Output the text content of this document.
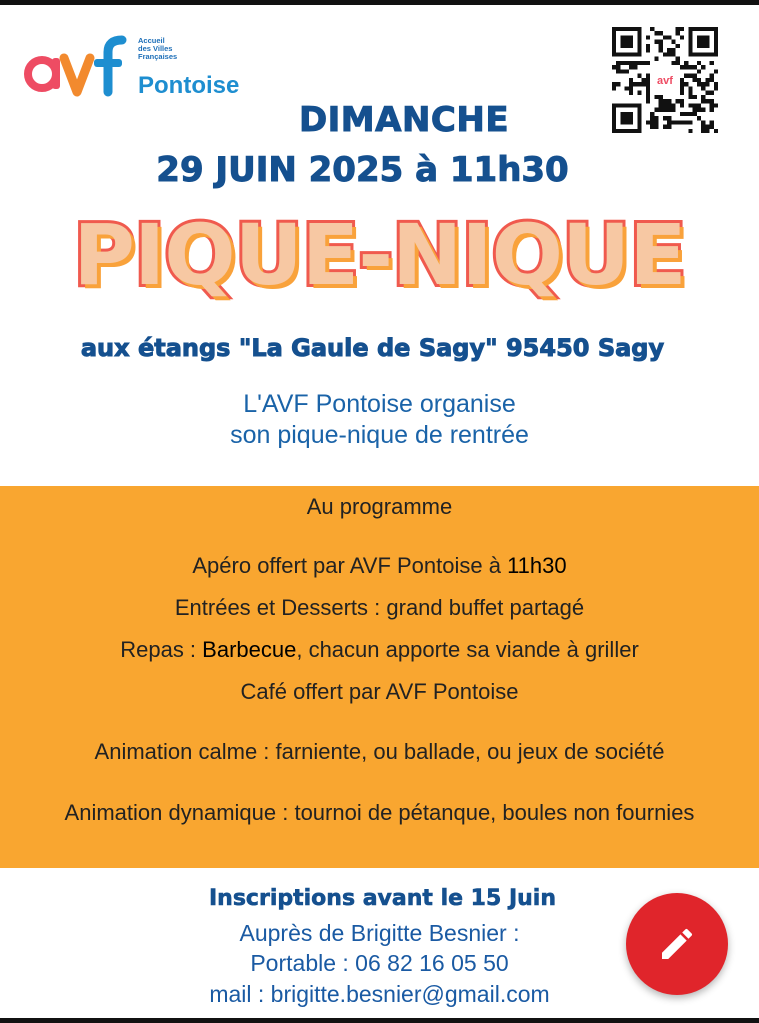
Accueil
des Villes
Françaises
Pontoise	avf
DIMANCHE
29 JUIN 2025 à 11h30
PIQUE-NIQUE
aux étangs "La Gaule de Sagy" 95450 Sagy
L'AVF Pontoise organise
son pique-nique de rentrée
Au programme
Apéro offert par AVF Pontoise à 11h30
Entrées et Desserts : grand buffet partagé
Repas : Barbecue, chacun apporte sa viande à griller
Café offert par AVF Pontoise
Animation calme : farniente, ou ballade, ou jeux de société
Animation dynamique : tournoi de pétanque, boules non fournies
Inscriptions avant le 15 Juin
Auprès de Brigitte Besnier :
Portable : 06 82 16 05 50
mail : brigitte.besnier@gmail.com
